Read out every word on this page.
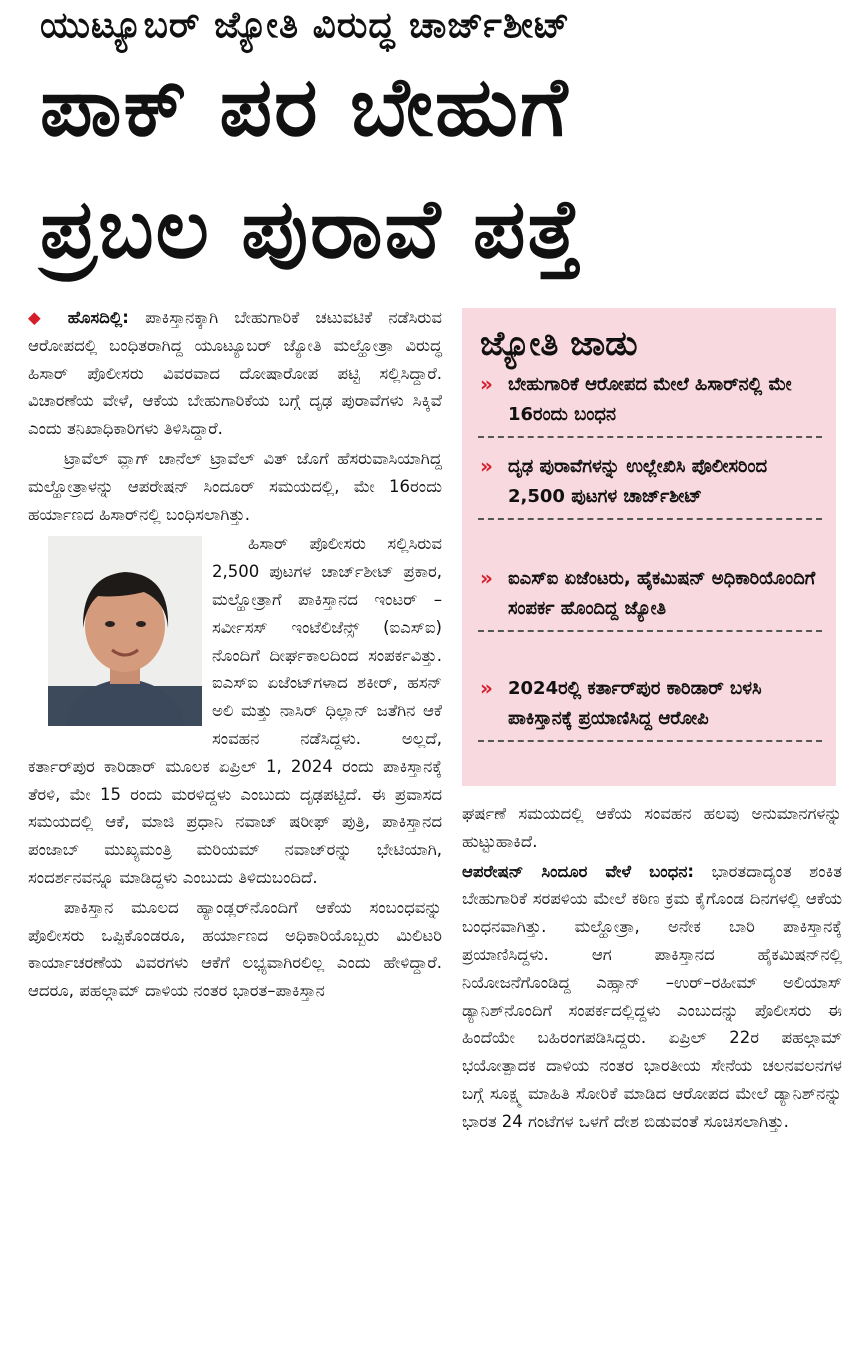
ಯುಟ್ಯೂಬರ್ ಜ್ಯೋತಿ ವಿರುದ್ಧ ಚಾರ್ಜ್‌ಶೀಟ್
ಪಾಕ್ ಪರ ಬೇಹುಗೆ
ಪ್ರಬಲ ಪುರಾವೆ ಪತ್ತೆ

◆ ಹೊಸದಿಲ್ಲಿ: ಪಾಕಿಸ್ತಾನಕ್ಕಾಗಿ ಬೇಹುಗಾರಿಕೆ ಚಟುವಟಿಕೆ ನಡೆಸಿರುವ ಆರೋಪದಲ್ಲಿ ಬಂಧಿತರಾಗಿದ್ದ ಯೂಟ್ಯೂಬರ್ ಜ್ಯೋತಿ ಮಲ್ಹೋತ್ರಾ ವಿರುದ್ಧ ಹಿಸಾರ್ ಪೊಲೀಸರು ವಿವರವಾದ ದೋಷಾರೋಪ ಪಟ್ಟಿ ಸಲ್ಲಿಸಿದ್ದಾರೆ. ವಿಚಾರಣೆಯ ವೇಳೆ, ಆಕೆಯ ಬೇಹುಗಾರಿಕೆಯ ಬಗ್ಗೆ ದೃಢ ಪುರಾವೆಗಳು ಸಿಕ್ಕಿವೆ ಎಂದು ತನಿಖಾಧಿಕಾರಿಗಳು ತಿಳಿಸಿದ್ದಾರೆ.

ಟ್ರಾವೆಲ್ ವ್ಲಾಗ್ ಚಾನೆಲ್ ಟ್ರಾವೆಲ್ ವಿತ್ ಜೊಗೆ ಹೆಸರುವಾಸಿಯಾಗಿದ್ದ ಮಲ್ಹೋತ್ರಾಳನ್ನು ಆಪರೇಷನ್ ಸಿಂದೂರ್ ಸಮಯದಲ್ಲಿ, ಮೇ 16ರಂದು ಹರ್ಯಾಣದ ಹಿಸಾರ್‌ನಲ್ಲಿ ಬಂಧಿಸಲಾಗಿತ್ತು.

ಹಿಸಾರ್ ಪೊಲೀಸರು ಸಲ್ಲಿಸಿರುವ 2,500 ಪುಟಗಳ ಚಾರ್ಜ್‌ಶೀಟ್ ಪ್ರಕಾರ, ಮಲ್ಹೋತ್ರಾಗೆ ಪಾಕಿಸ್ತಾನದ ಇಂಟರ್ – ಸರ್ವೀಸಸ್ ಇಂಟೆಲಿಜೆನ್ಸ್ (ಐಎಸ್ಐ) ನೊಂದಿಗೆ ದೀರ್ಘಕಾಲದಿಂದ ಸಂಪರ್ಕವಿತ್ತು. ಐಎಸ್ಐ ಏಜೆಂಟ್‌ಗಳಾದ ಶಕೀರ್, ಹಸನ್ ಅಲಿ ಮತ್ತು ನಾಸಿರ್ ಧಿಲ್ಲಾನ್ ಜತೆಗಿನ ಆಕೆ ಸಂವಹನ ನಡೆಸಿದ್ದಳು. ಅಲ್ಲದೆ, ಕರ್ತಾರ್‌ಪುರ ಕಾರಿಡಾರ್ ಮೂಲಕ ಏಪ್ರಿಲ್ 1, 2024 ರಂದು ಪಾಕಿಸ್ತಾನಕ್ಕೆ ತೆರಳಿ, ಮೇ 15 ರಂದು ಮರಳಿದ್ದಳು ಎಂಬುದು ದೃಢಪಟ್ಟಿದೆ. ಈ ಪ್ರವಾಸದ ಸಮಯದಲ್ಲಿ ಆಕೆ, ಮಾಜಿ ಪ್ರಧಾನಿ ನವಾಜ್ ಷರೀಫ್ ಪುತ್ರಿ, ಪಾಕಿಸ್ತಾನದ ಪಂಜಾಬ್ ಮುಖ್ಯಮಂತ್ರಿ ಮರಿಯಮ್ ನವಾಜ್‌ರನ್ನು ಭೇಟಿಯಾಗಿ, ಸಂದರ್ಶನವನ್ನೂ ಮಾಡಿದ್ದಳು ಎಂಬುದು ತಿಳಿದುಬಂದಿದೆ.

ಪಾಕಿಸ್ತಾನ ಮೂಲದ ಹ್ಯಾಂಡ್ಲರ್‌ನೊಂದಿಗೆ ಆಕೆಯ ಸಂಬಂಧವನ್ನು ಪೊಲೀಸರು ಒಪ್ಪಿಕೊಂಡರೂ, ಹರ್ಯಾಣದ ಅಧಿಕಾರಿಯೊಬ್ಬರು ಮಿಲಿಟರಿ ಕಾರ್ಯಾಚರಣೆಯ ವಿವರಗಳು ಆಕೆಗೆ ಲಭ್ಯವಾಗಿರಲಿಲ್ಲ ಎಂದು ಹೇಳಿದ್ದಾರೆ. ಆದರೂ, ಪಹಲ್ಗಾಮ್ ದಾಳಿಯ ನಂತರ ಭಾರತ–ಪಾಕಿಸ್ತಾನ

ಜ್ಯೋತಿ ಜಾಡು
» ಬೇಹುಗಾರಿಕೆ ಆರೋಪದ ಮೇಲೆ ಹಿಸಾರ್‌ನಲ್ಲಿ ಮೇ 16ರಂದು ಬಂಧನ
» ದೃಢ ಪುರಾವೆಗಳನ್ನು ಉಲ್ಲೇಖಿಸಿ ಪೊಲೀಸರಿಂದ 2,500 ಪುಟಗಳ ಚಾರ್ಜ್‌ಶೀಟ್
» ಐಎಸ್‌ಐ ಏಜೆಂಟರು, ಹೈಕಮಿಷನ್ ಅಧಿಕಾರಿಯೊಂದಿಗೆ ಸಂಪರ್ಕ ಹೊಂದಿದ್ದ ಜ್ಯೋತಿ
» 2024ರಲ್ಲಿ ಕರ್ತಾರ್‌ಪುರ ಕಾರಿಡಾರ್ ಬಳಸಿ ಪಾಕಿಸ್ತಾನಕ್ಕೆ ಪ್ರಯಾಣಿಸಿದ್ದ ಆರೋಪಿ

ಘರ್ಷಣೆ ಸಮಯದಲ್ಲಿ ಆಕೆಯ ಸಂವಹನ ಹಲವು ಅನುಮಾನಗಳನ್ನು ಹುಟ್ಟುಹಾಕಿದೆ.

ಆಪರೇಷನ್ ಸಿಂದೂರ ವೇಳೆ ಬಂಧನ: ಭಾರತದಾದ್ಯಂತ ಶಂಕಿತ ಬೇಹುಗಾರಿಕೆ ಸರಪಳಿಯ ಮೇಲೆ ಕಠಿಣ ಕ್ರಮ ಕೈಗೊಂಡ ದಿನಗಳಲ್ಲಿ ಆಕೆಯ ಬಂಧನವಾಗಿತ್ತು. ಮಲ್ಹೋತ್ರಾ, ಅನೇಕ ಬಾರಿ ಪಾಕಿಸ್ತಾನಕ್ಕೆ ಪ್ರಯಾಣಿಸಿದ್ದಳು. ಆಗ ಪಾಕಿಸ್ತಾನದ ಹೈಕಮಿಷನ್‌ನಲ್ಲಿ ನಿಯೋಜನೆಗೊಂಡಿದ್ದ ಎಹ್ಸಾನ್ –ಉರ್–ರಹೀಮ್ ಅಲಿಯಾಸ್ ಡ್ಯಾನಿಶ್‌ನೊಂದಿಗೆ ಸಂಪರ್ಕದಲ್ಲಿದ್ದಳು ಎಂಬುದನ್ನು ಪೊಲೀಸರು ಈ ಹಿಂದೆಯೇ ಬಹಿರಂಗಪಡಿಸಿದ್ದರು. ಏಪ್ರಿಲ್ 22ರ ಪಹಲ್ಗಾಮ್ ಭಯೋತ್ಪಾದಕ ದಾಳಿಯ ನಂತರ ಭಾರತೀಯ ಸೇನೆಯ ಚಲನವಲನಗಳ ಬಗ್ಗೆ ಸೂಕ್ಷ್ಮ ಮಾಹಿತಿ ಸೋರಿಕೆ ಮಾಡಿದ ಆರೋಪದ ಮೇಲೆ ಡ್ಯಾನಿಶ್‌ನನ್ನು ಭಾರತ 24 ಗಂಟೆಗಳ ಒಳಗೆ ದೇಶ ಬಿಡುವಂತೆ ಸೂಚಿಸಲಾಗಿತ್ತು.
